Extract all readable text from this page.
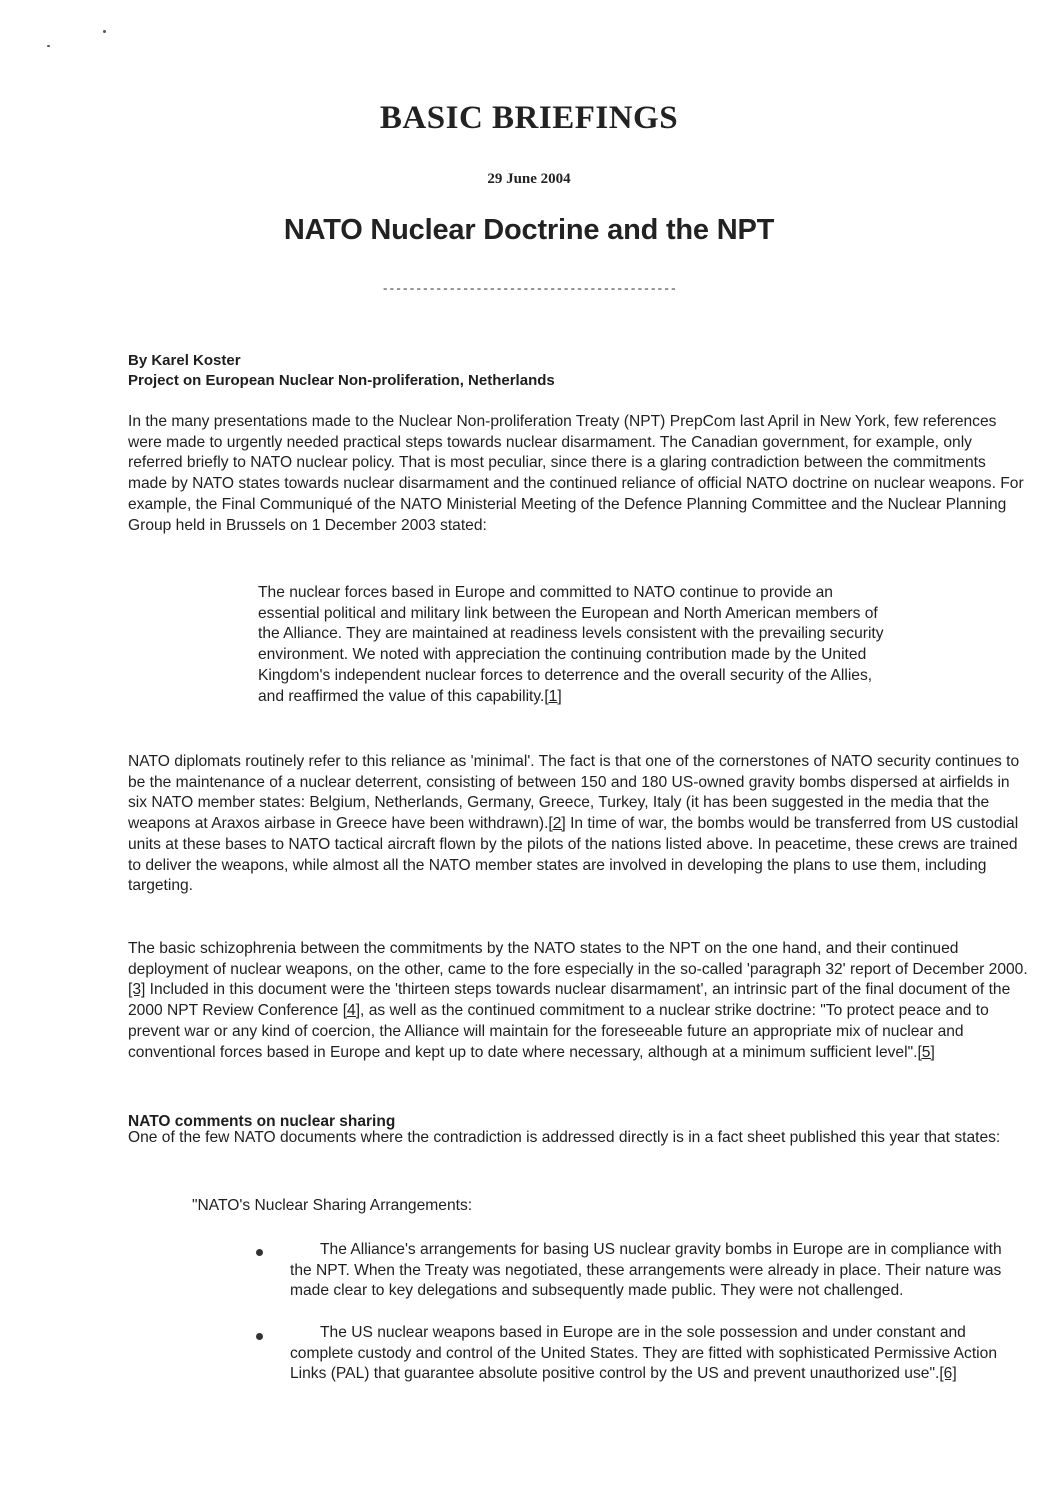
BASIC BRIEFINGS
29 June 2004
NATO Nuclear Doctrine and the NPT
--------------------------------------------
By Karel Koster
Project on European Nuclear Non-proliferation, Netherlands

In the many presentations made to the Nuclear Non-proliferation Treaty (NPT) PrepCom last April in New York, few references were made to urgently needed practical steps towards nuclear disarmament. The Canadian government, for example, only referred briefly to NATO nuclear policy. That is most peculiar, since there is a glaring contradiction between the commitments made by NATO states towards nuclear disarmament and the continued reliance of official NATO doctrine on nuclear weapons. For example, the Final Communiqué of the NATO Ministerial Meeting of the Defence Planning Committee and the Nuclear Planning Group held in Brussels on 1 December 2003 stated:

The nuclear forces based in Europe and committed to NATO continue to provide an essential political and military link between the European and North American members of the Alliance. They are maintained at readiness levels consistent with the prevailing security environment. We noted with appreciation the continuing contribution made by the United Kingdom's independent nuclear forces to deterrence and the overall security of the Allies, and reaffirmed the value of this capability.[1]

NATO diplomats routinely refer to this reliance as 'minimal'. The fact is that one of the cornerstones of NATO security continues to be the maintenance of a nuclear deterrent, consisting of between 150 and 180 US-owned gravity bombs dispersed at airfields in six NATO member states: Belgium, Netherlands, Germany, Greece, Turkey, Italy (it has been suggested in the media that the weapons at Araxos airbase in Greece have been withdrawn).[2] In time of war, the bombs would be transferred from US custodial units at these bases to NATO tactical aircraft flown by the pilots of the nations listed above. In peacetime, these crews are trained to deliver the weapons, while almost all the NATO member states are involved in developing the plans to use them, including targeting.

The basic schizophrenia between the commitments by the NATO states to the NPT on the one hand, and their continued deployment of nuclear weapons, on the other, came to the fore especially in the so-called 'paragraph 32' report of December 2000.[3] Included in this document were the 'thirteen steps towards nuclear disarmament', an intrinsic part of the final document of the 2000 NPT Review Conference [4], as well as the continued commitment to a nuclear strike doctrine: "To protect peace and to prevent war or any kind of coercion, the Alliance will maintain for the foreseeable future an appropriate mix of nuclear and conventional forces based in Europe and kept up to date where necessary, although at a minimum sufficient level".[5]

NATO comments on nuclear sharing

One of the few NATO documents where the contradiction is addressed directly is in a fact sheet published this year that states:

"NATO's Nuclear Sharing Arrangements:

The Alliance's arrangements for basing US nuclear gravity bombs in Europe are in compliance with the NPT. When the Treaty was negotiated, these arrangements were already in place. Their nature was made clear to key delegations and subsequently made public. They were not challenged.

The US nuclear weapons based in Europe are in the sole possession and under constant and complete custody and control of the United States. They are fitted with sophisticated Permissive Action Links (PAL) that guarantee absolute positive control by the US and prevent unauthorized use".[6]
